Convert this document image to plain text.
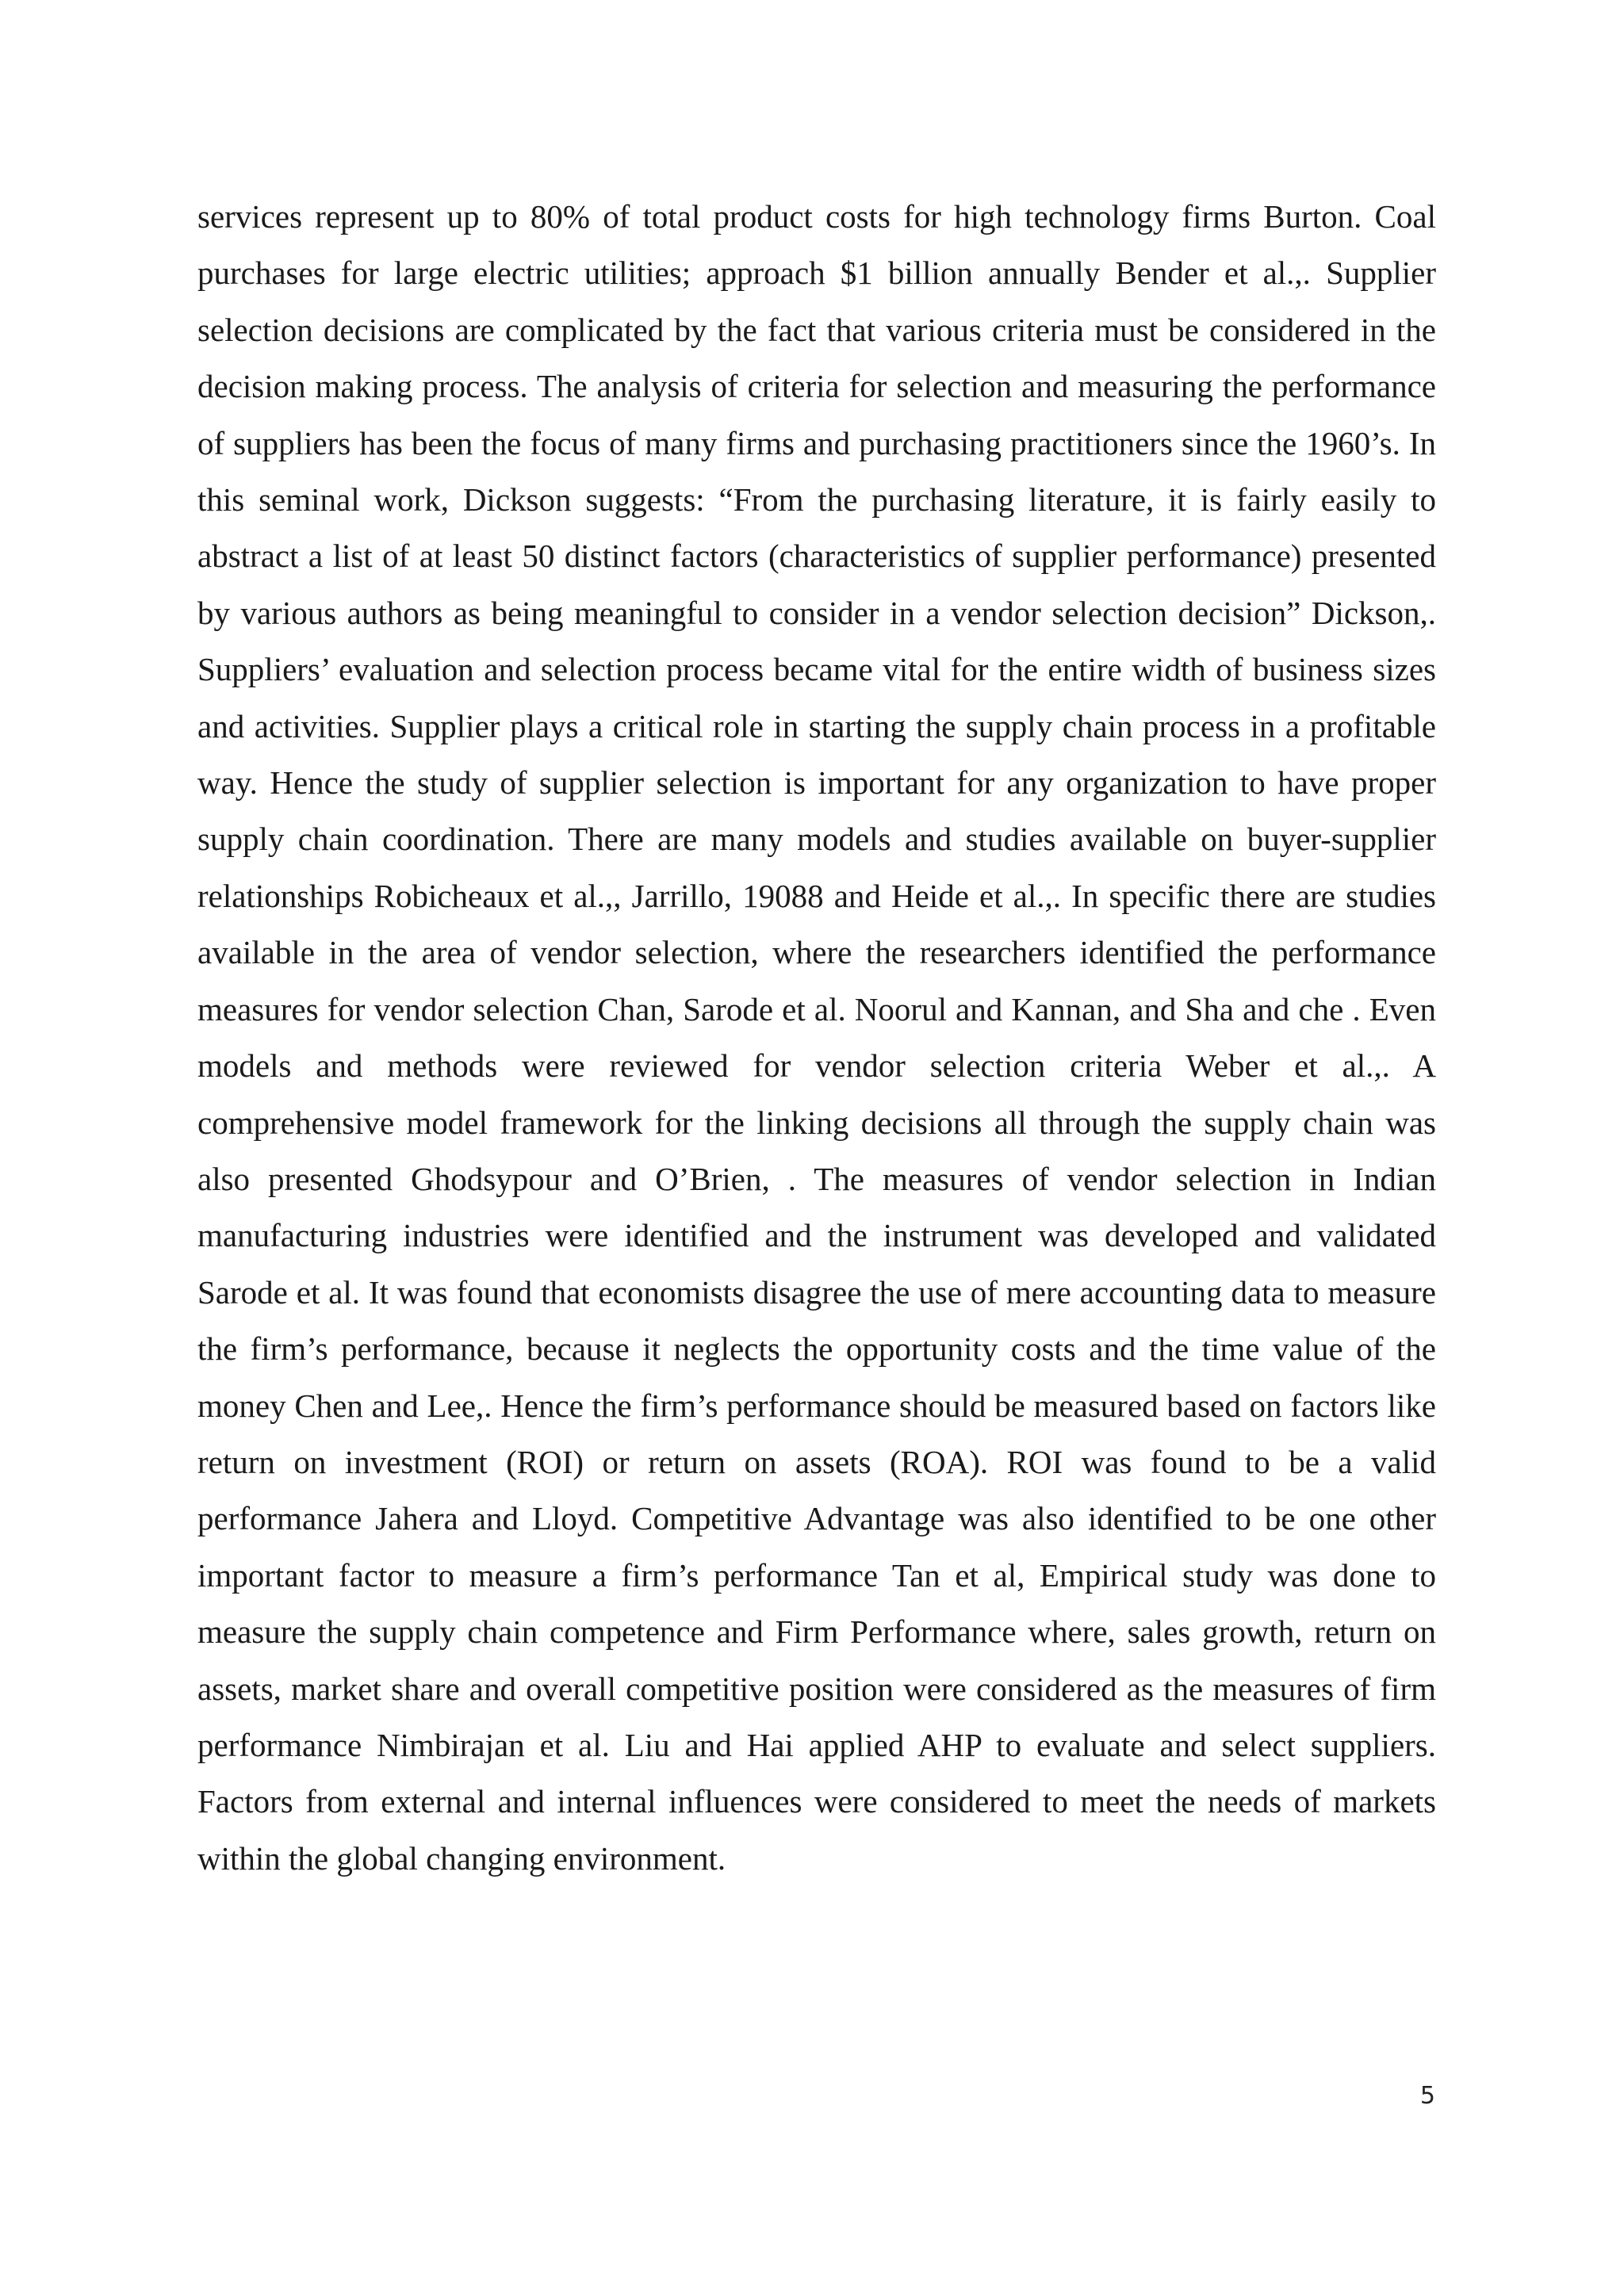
services represent up to 80% of total product costs for high technology firms Burton. Coal purchases for large electric utilities; approach $1 billion annually Bender et al.,. Supplier selection decisions are complicated by the fact that various criteria must be considered in the decision making process. The analysis of criteria for selection and measuring the performance of suppliers has been the focus of many firms and purchasing practitioners since the 1960’s. In this seminal work, Dickson suggests: “From the purchasing literature, it is fairly easily to abstract a list of at least 50 distinct factors (characteristics of supplier performance) presented by various authors as being meaningful to consider in a vendor selection decision” Dickson,. Suppliers’ evaluation and selection process became vital for the entire width of business sizes and activities. Supplier plays a critical role in starting the supply chain process in a profitable way. Hence the study of supplier selection is important for any organization to have proper supply chain coordination. There are many models and studies available on buyer-supplier relationships Robicheaux et al.,, Jarrillo, 19088 and Heide et al.,. In specific there are studies available in the area of vendor selection, where the researchers identified the performance measures for vendor selection Chan, Sarode et al. Noorul and Kannan, and Sha and che . Even models and methods were reviewed for vendor selection criteria Weber et al.,. A comprehensive model framework for the linking decisions all through the supply chain was also presented Ghodsypour and O’Brien, . The measures of vendor selection in Indian manufacturing industries were identified and the instrument was developed and validated Sarode et al. It was found that economists disagree the use of mere accounting data to measure the firm’s performance, because it neglects the opportunity costs and the time value of the money Chen and Lee,. Hence the firm’s performance should be measured based on factors like return on investment (ROI) or return on assets (ROA). ROI was found to be a valid performance Jahera and Lloyd. Competitive Advantage was also identified to be one other important factor to measure a firm’s performance Tan et al, Empirical study was done to measure the supply chain competence and Firm Performance where, sales growth, return on assets, market share and overall competitive position were considered as the measures of firm performance Nimbirajan et al. Liu and Hai applied AHP to evaluate and select suppliers. Factors from external and internal influences were considered to meet the needs of markets within the global changing environment.

5
